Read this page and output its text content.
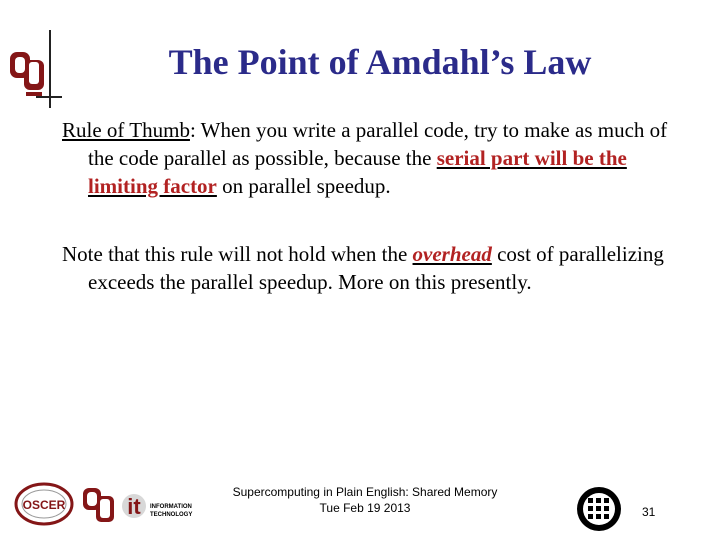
The Point of Amdahl’s Law
Rule of Thumb: When you write a parallel code, try to make as much of the code parallel as possible, because the serial part will be the limiting factor on parallel speedup.
Note that this rule will not hold when the overhead cost of parallelizing exceeds the parallel speedup. More on this presently.
OSCER	it INFORMATION
TECHNOLOGY
Supercomputing in Plain English: Shared Memory
Tue Feb 19 2013	31
